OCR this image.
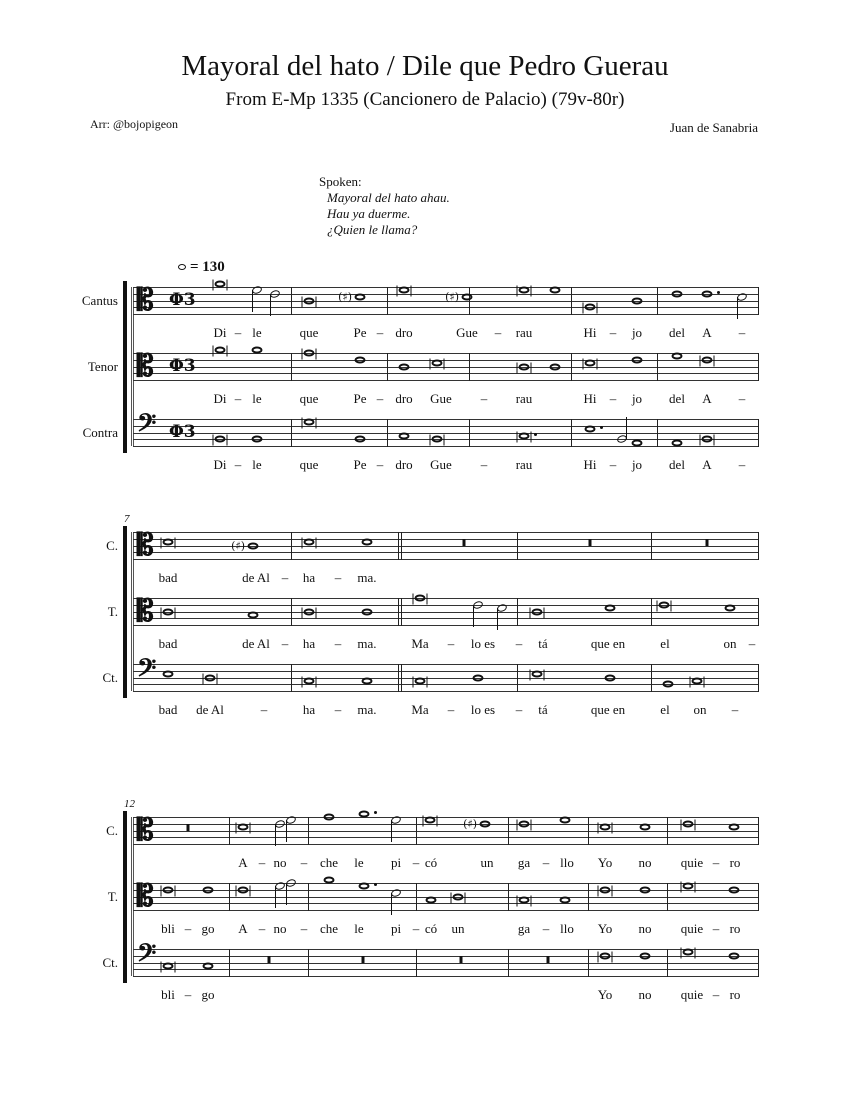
Mayoral del hato / Dile que Pedro Guerau
From E-Mp 1335 (Cancionero de Palacio) (79v-80r)
Arr: @bojopigeon	Juan de Sanabria
Spoken:
Mayoral del hato ahau.
Hau ya duerme.
¿Quien le llama?
= 130
𝄡 Φ3	(♯)	(♯)
Cantus
Di – le	que	Pe – dro	Gue – rau	Hi – jo del A –
𝄡 Φ3
Tenor
Di – le	que	Pe – dro Gue – rau	Hi – jo del A –
𝄢 Φ3
Contra
Di – le	que	Pe – dro Gue – rau	Hi – jo del A –
7
𝄡	(♯)
C.
bad	de Al – ha – ma.
𝄡
T.
bad	de Al – ha – ma.	Ma – lo es – tá	que en	el	on –
𝄢
Ct.
bad de Al	–	ha – ma.	Ma – lo es – tá	que en	el on –
12
𝄡	(♯)
C.
A – no – che le pi – có	un ga – llo Yo no quie – ro
𝄡
T.
bli – go A – no – che le pi – có un	ga – llo Yo no quie – ro
𝄢
Ct.
bli – go	Yo no quie – ro
